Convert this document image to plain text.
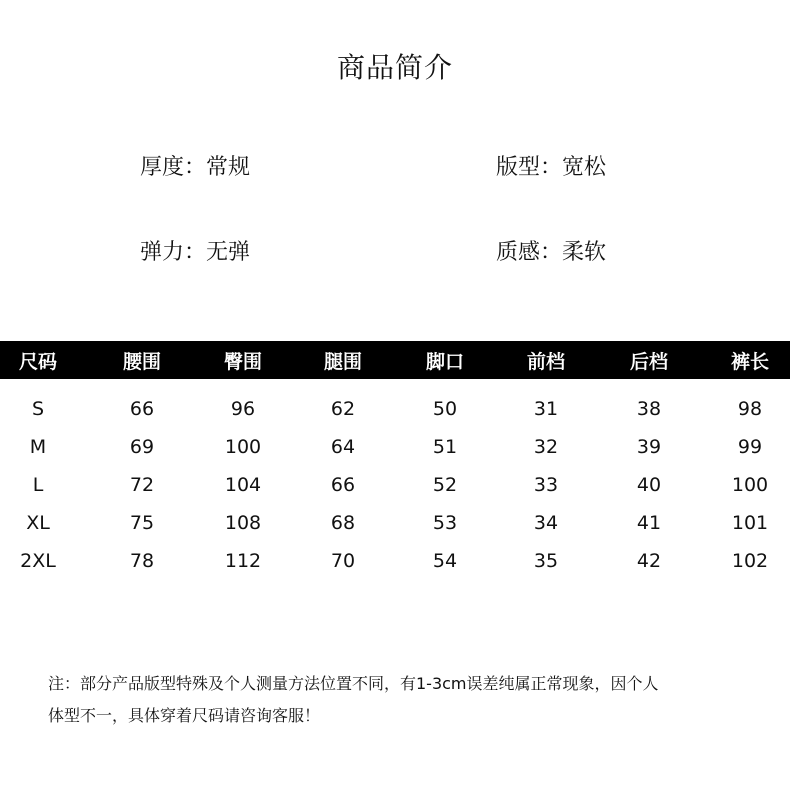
商品简介
厚度：常规	版型：宽松
弹力：无弹	质感：柔软
尺码	腰围	臀围	腿围	脚口	前档	后档	裤长
S	66	96	62	50	31	38	98
M	69	100	64	51	32	39	99
L	72	104	66	52	33	40	100
XL	75	108	68	53	34	41	101
2XL	78	112	70	54	35	42	102
注：部分产品版型特殊及个人测量方法位置不同，有1-3cm误差纯属正常现象，因个人
体型不一，具体穿着尺码请咨询客服！
